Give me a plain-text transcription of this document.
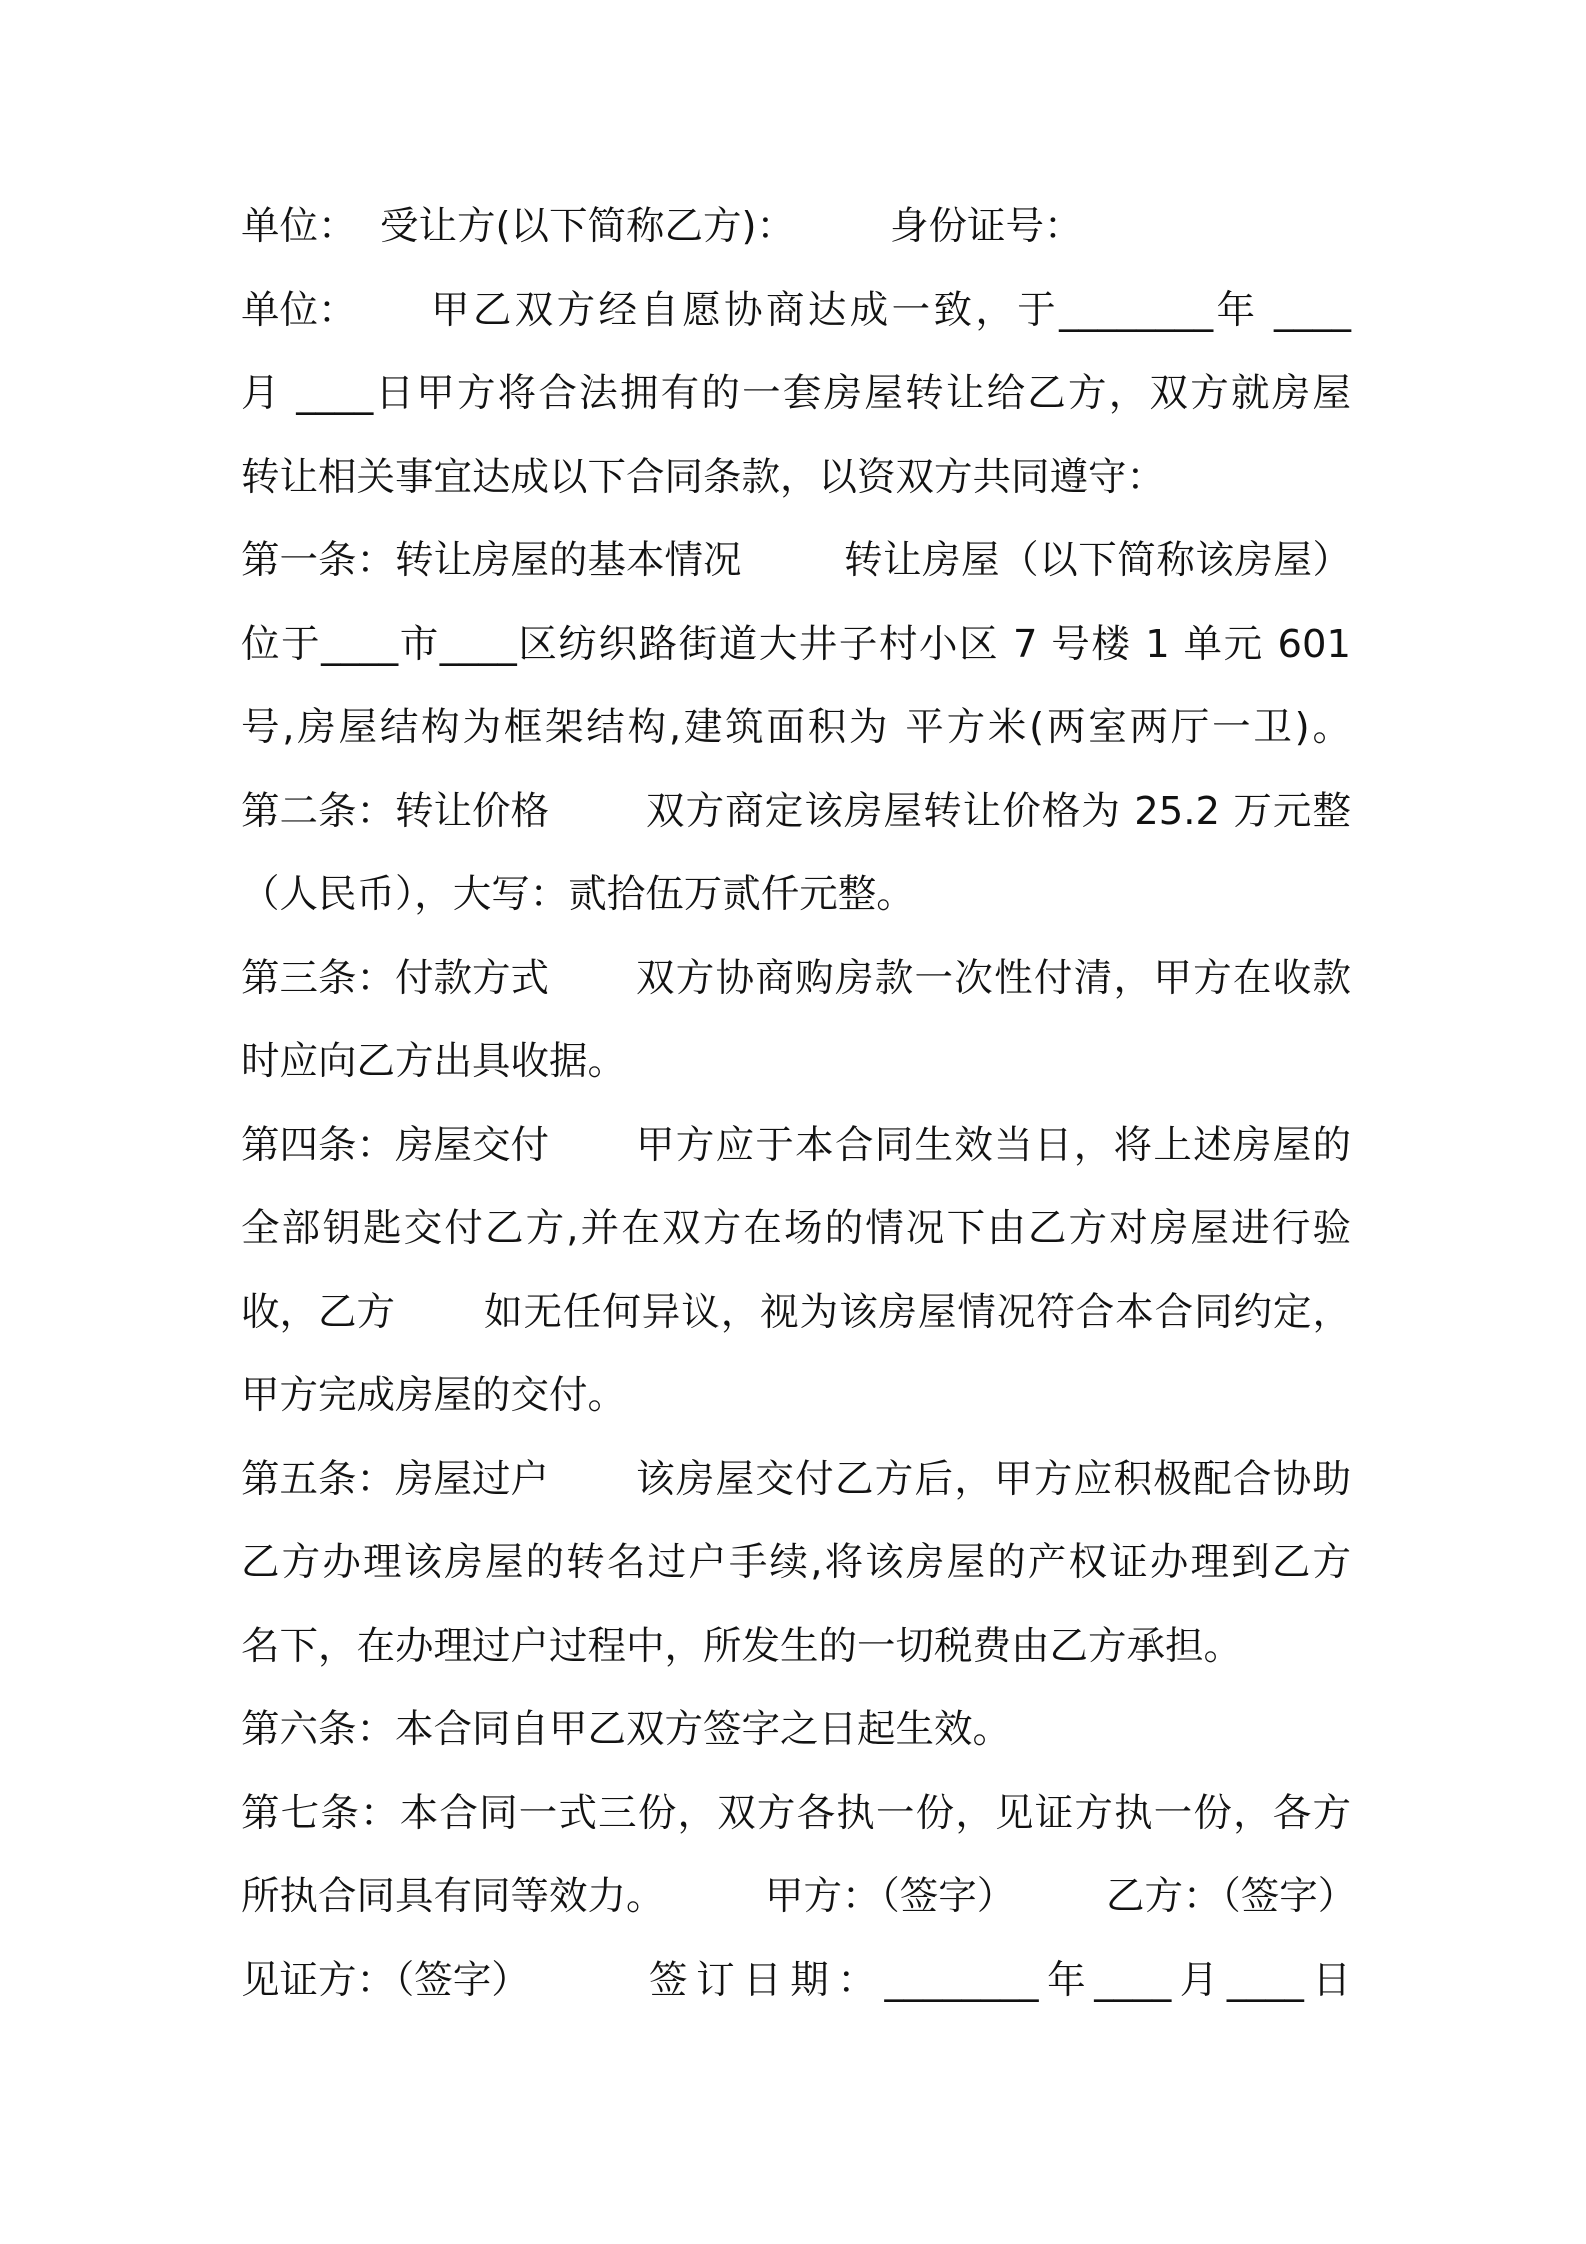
单位： 受让方(以下简称乙方)： 身份证号：
单位： 甲乙双方经自愿协商达成一致，于________年 ____
月 ____日甲方将合法拥有的一套房屋转让给乙方，双方就房屋
转让相关事宜达成以下合同条款，以资双方共同遵守：
第一条：转让房屋的基本情况	转让房屋（以下简称该房屋）
位于____市____区纺织路街道大井子村小区 7 号楼 1 单元 601
号,房屋结构为框架结构,建筑面积为 平方米(两室两厅一卫)。
第二条：转让价格	双方商定该房屋转让价格为 25.2 万元整
（人民币），大写：贰拾伍万贰仟元整。
第三条：付款方式 双方协商购房款一次性付清，甲方在收款
时应向乙方出具收据。
第四条：房屋交付 甲方应于本合同生效当日，将上述房屋的
全部钥匙交付乙方,并在双方在场的情况下由乙方对房屋进行验
收，乙方 如无任何异议，视为该房屋情况符合本合同约定，
甲方完成房屋的交付。
第五条：房屋过户 该房屋交付乙方后，甲方应积极配合协助
乙方办理该房屋的转名过户手续,将该房屋的产权证办理到乙方
名下，在办理过户过程中，所发生的一切税费由乙方承担。
第六条：本合同自甲乙双方签字之日起生效。
第七条：本合同一式三份，双方各执一份，见证方执一份，各方
所执合同具有同等效力。	甲方：（签字） 乙方：（签字）
见证方：（签字）	签订日期：________年____月____日
